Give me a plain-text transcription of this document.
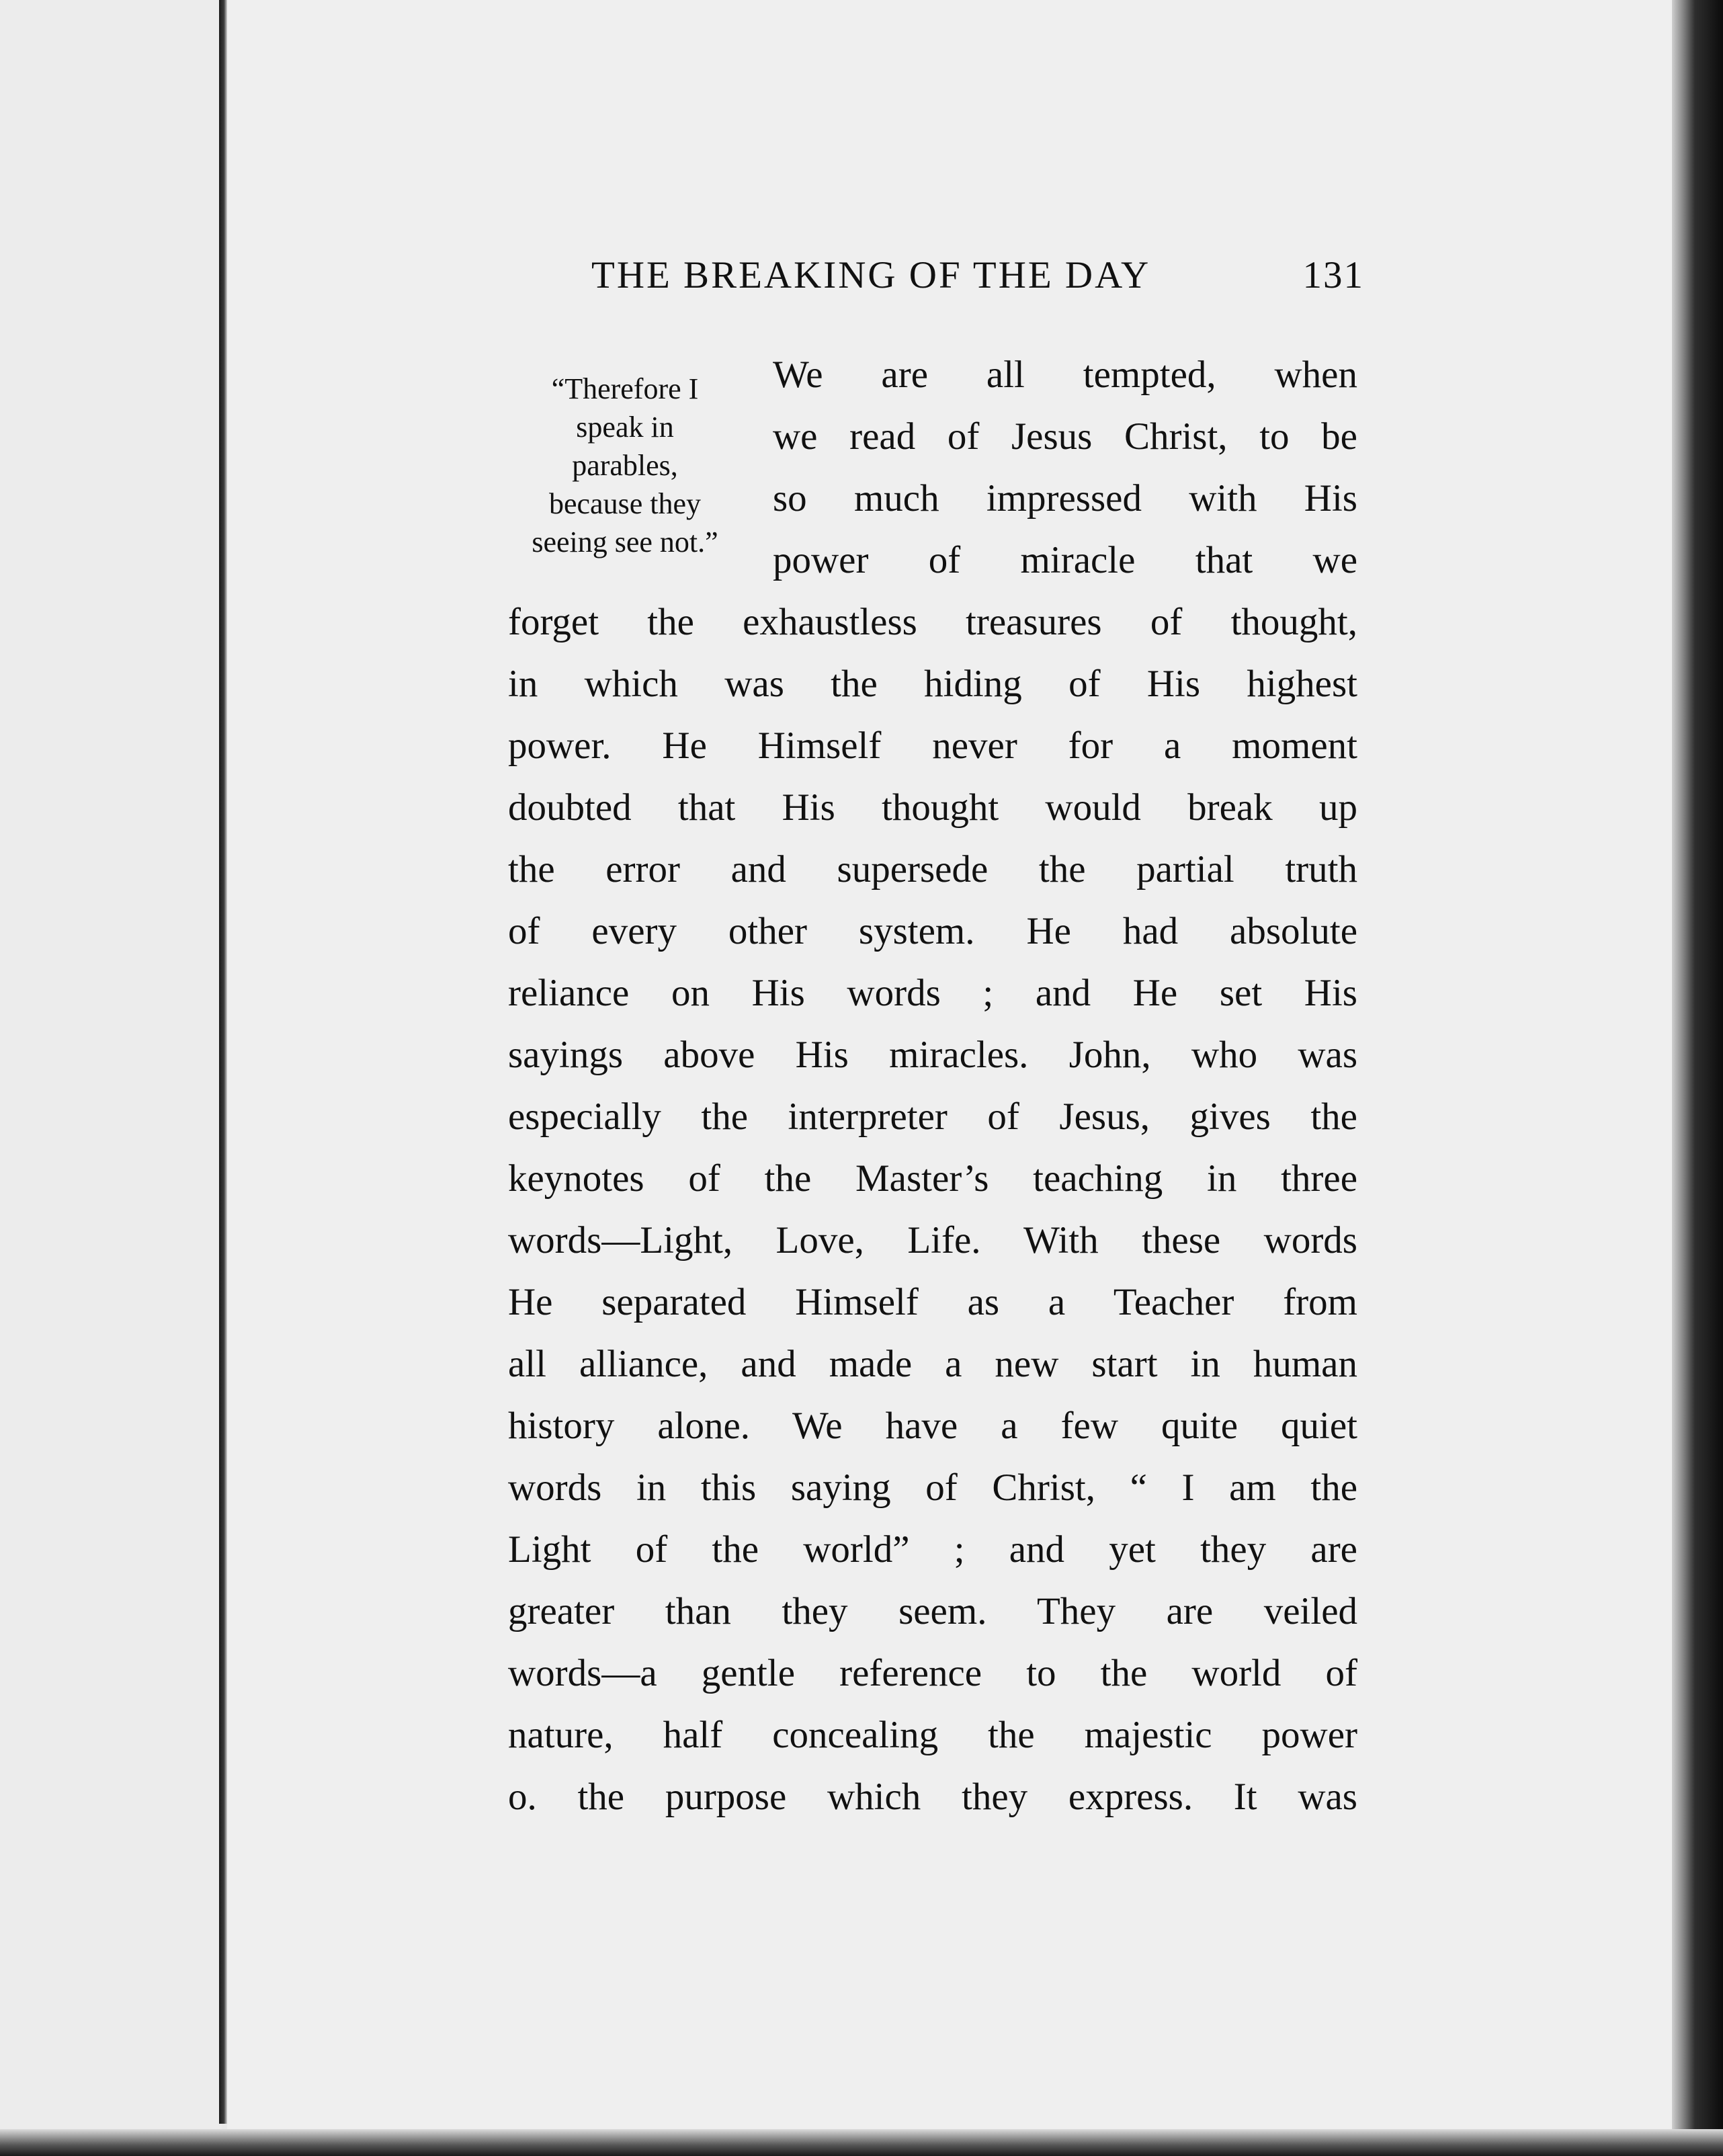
THE BREAKING OF THE DAY	131
“Therefore I
speak in
parables,
because they
seeing see not.”
We are all tempted, when
we read of Jesus Christ, to be
so much impressed with His
power of miracle that we
forget the exhaustless treasures of thought,
in which was the hiding of His highest
power. He Himself never for a moment
doubted that His thought would break up
the error and supersede the partial truth
of every other system. He had absolute
reliance on His words ; and He set His
sayings above His miracles. John, who was
especially the interpreter of Jesus, gives the
keynotes of the Master’s teaching in three
words—Light, Love, Life. With these words
He separated Himself as a Teacher from
all alliance, and made a new start in human
history alone. We have a few quite quiet
words in this saying of Christ, “ I am the
Light of the world” ; and yet they are
greater than they seem. They are veiled
words—a gentle reference to the world of
nature, half concealing the majestic power
o. the purpose which they express. It was
